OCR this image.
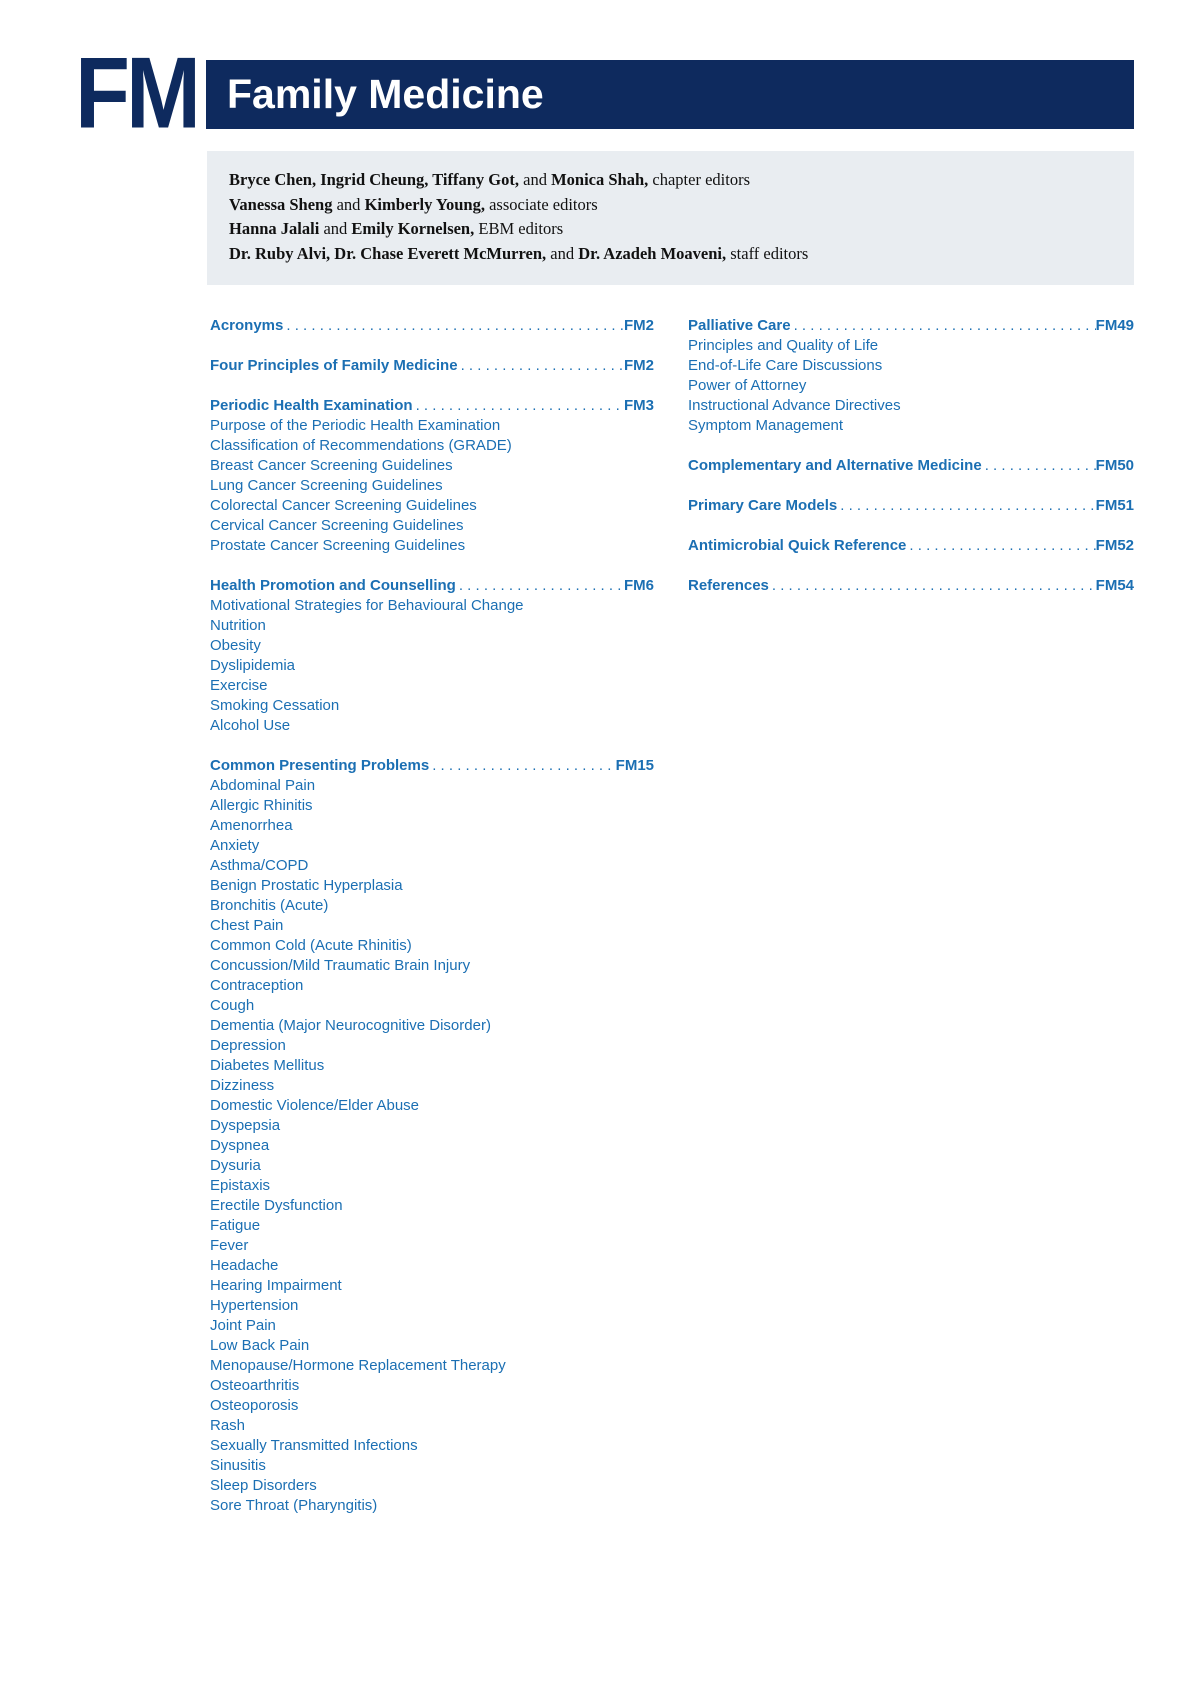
FM Family Medicine
Bryce Chen, Ingrid Cheung, Tiffany Got, and Monica Shah, chapter editors
Vanessa Sheng and Kimberly Young, associate editors
Hanna Jalali and Emily Kornelsen, EBM editors
Dr. Ruby Alvi, Dr. Chase Everett McMurren, and Dr. Azadeh Moaveni, staff editors
Acronyms . . .	FM2
Four Principles of Family Medicine . . .	FM2
Periodic Health Examination . . .	FM3
Purpose of the Periodic Health Examination
Classification of Recommendations (GRADE)
Breast Cancer Screening Guidelines
Lung Cancer Screening Guidelines
Colorectal Cancer Screening Guidelines
Cervical Cancer Screening Guidelines
Prostate Cancer Screening Guidelines
Health Promotion and Counselling . . .	FM6
Motivational Strategies for Behavioural Change
Nutrition
Obesity
Dyslipidemia
Exercise
Smoking Cessation
Alcohol Use
Common Presenting Problems . . .	FM15
Abdominal Pain
Allergic Rhinitis
Amenorrhea
Anxiety
Asthma/COPD
Benign Prostatic Hyperplasia
Bronchitis (Acute)
Chest Pain
Common Cold (Acute Rhinitis)
Concussion/Mild Traumatic Brain Injury
Contraception
Cough
Dementia (Major Neurocognitive Disorder)
Depression
Diabetes Mellitus
Dizziness
Domestic Violence/Elder Abuse
Dyspepsia
Dyspnea
Dysuria
Epistaxis
Erectile Dysfunction
Fatigue
Fever
Headache
Hearing Impairment
Hypertension
Joint Pain
Low Back Pain
Menopause/Hormone Replacement Therapy
Osteoarthritis
Osteoporosis
Rash
Sexually Transmitted Infections
Sinusitis
Sleep Disorders
Sore Throat (Pharyngitis)
Palliative Care . . .	FM49
Principles and Quality of Life
End-of-Life Care Discussions
Power of Attorney
Instructional Advance Directives
Symptom Management
Complementary and Alternative Medicine . . .	FM50
Primary Care Models . . .	FM51
Antimicrobial Quick Reference . . .	FM52
References . . .	FM54
